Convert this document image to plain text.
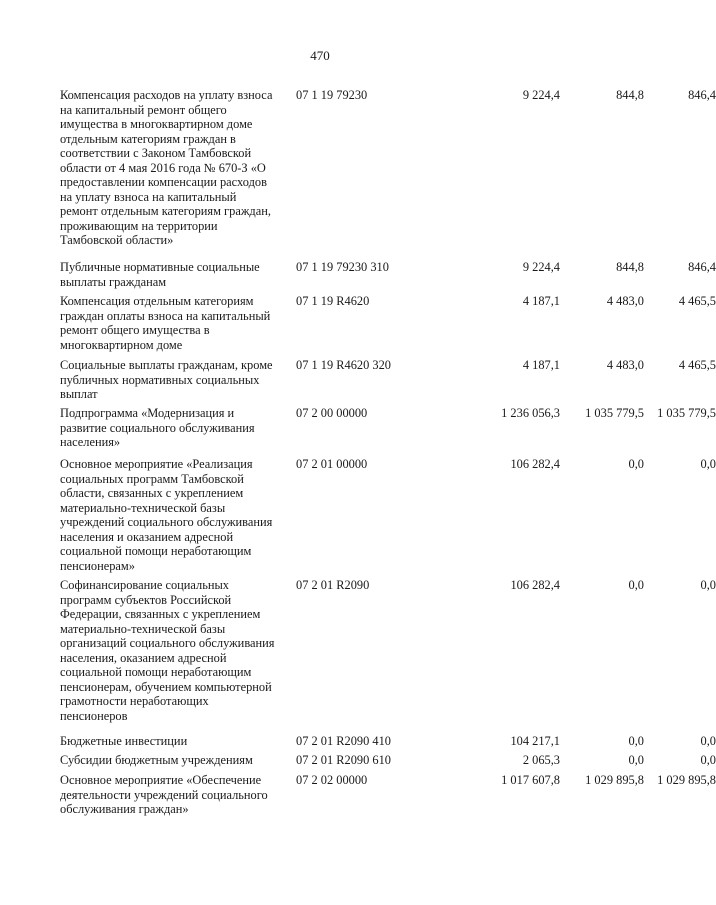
470
Компенсация расходов на уплату взноса
на капитальный ремонт общего
имущества в многоквартирном доме
отдельным категориям граждан в
соответствии с Законом Тамбовской
области от 4 мая 2016 года № 670-З «О
предоставлении компенсации расходов
на уплату взноса на капитальный
ремонт отдельным категориям граждан,
проживающим на территории
Тамбовской области»
07 1 19 79230	9 224,4	844,8	846,4
Публичные нормативные социальные
выплаты гражданам
07 1 19 79230 310	9 224,4	844,8	846,4
Компенсация отдельным категориям
граждан оплаты взноса на капитальный
ремонт общего имущества в
многоквартирном доме
07 1 19 R4620	4 187,1	4 483,0	4 465,5
Социальные выплаты гражданам, кроме
публичных нормативных социальных
выплат
07 1 19 R4620 320	4 187,1	4 483,0	4 465,5
Подпрограмма «Модернизация и
развитие социального обслуживания
населения»
07 2 00 00000	1 236 056,3	1 035 779,5	1 035 779,5
Основное мероприятие «Реализация
социальных программ Тамбовской
области, связанных с укреплением
материально-технической базы
учреждений социального обслуживания
населения и оказанием адресной
социальной помощи неработающим
пенсионерам»
07 2 01 00000	106 282,4	0,0	0,0
Софинансирование социальных
программ субъектов Российской
Федерации, связанных с укреплением
материально-технической базы
организаций социального обслуживания
населения, оказанием адресной
социальной помощи неработающим
пенсионерам, обучением компьютерной
грамотности неработающих
пенсионеров
07 2 01 R2090	106 282,4	0,0	0,0
Бюджетные инвестиции	07 2 01 R2090 410	104 217,1	0,0	0,0
Субсидии бюджетным учреждениям	07 2 01 R2090 610	2 065,3	0,0	0,0
Основное мероприятие «Обеспечение
деятельности учреждений социального
обслуживания граждан»
07 2 02 00000	1 017 607,8	1 029 895,8	1 029 895,8
